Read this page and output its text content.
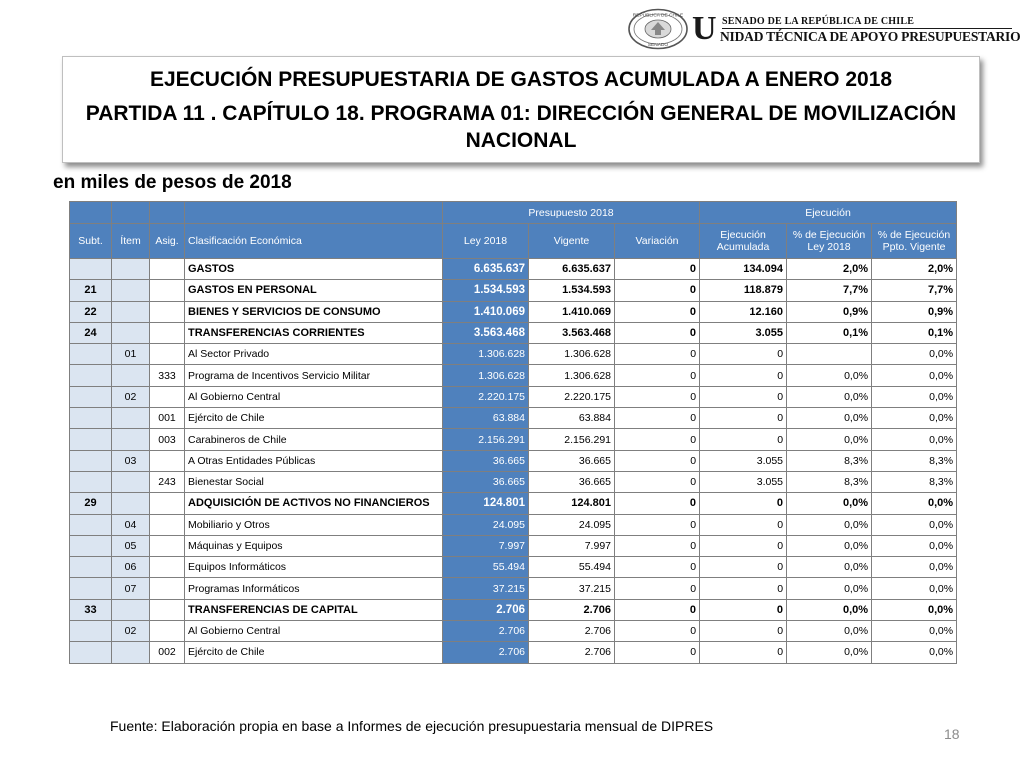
REPÚBLICA DE CHILE
SENADO U SENADO DE LA REPÚBLICA DE CHILE
NIDAD TÉCNICA DE APOYO PRESUPUESTARIO
EJECUCIÓN PRESUPUESTARIA DE GASTOS ACUMULADA A ENERO 2018
PARTIDA 11 . CAPÍTULO 18. PROGRAMA 01: DIRECCIÓN GENERAL DE MOVILIZACIÓN NACIONAL
en miles de pesos de 2018
				Presupuesto 2018			Ejecución		
Subt.	Ítem	Asig.	Clasificación Económica	Ley 2018	Vigente	Variación	Ejecución Acumulada	% de Ejecución Ley 2018	% de Ejecución Ppto. Vigente
			GASTOS	6.635.637	6.635.637	0	134.094	2,0%	2,0%
21			GASTOS EN PERSONAL	1.534.593	1.534.593	0	118.879	7,7%	7,7%
22			BIENES Y SERVICIOS DE CONSUMO	1.410.069	1.410.069	0	12.160	0,9%	0,9%
24			TRANSFERENCIAS CORRIENTES	3.563.468	3.563.468	0	3.055	0,1%	0,1%
	01		Al Sector Privado	1.306.628	1.306.628	0	0		0,0%
		333	Programa de Incentivos Servicio Militar	1.306.628	1.306.628	0	0	0,0%	0,0%
	02		Al Gobierno Central	2.220.175	2.220.175	0	0	0,0%	0,0%
		001	Ejército de Chile	63.884	63.884	0	0	0,0%	0,0%
		003	Carabineros de Chile	2.156.291	2.156.291	0	0	0,0%	0,0%
	03		A Otras Entidades Públicas	36.665	36.665	0	3.055	8,3%	8,3%
		243	Bienestar Social	36.665	36.665	0	3.055	8,3%	8,3%
29			ADQUISICIÓN DE ACTIVOS NO FINANCIEROS	124.801	124.801	0	0	0,0%	0,0%
	04		Mobiliario y Otros	24.095	24.095	0	0	0,0%	0,0%
	05		Máquinas y Equipos	7.997	7.997	0	0	0,0%	0,0%
	06		Equipos Informáticos	55.494	55.494	0	0	0,0%	0,0%
	07		Programas Informáticos	37.215	37.215	0	0	0,0%	0,0%
33			TRANSFERENCIAS DE CAPITAL	2.706	2.706	0	0	0,0%	0,0%
	02		Al Gobierno Central	2.706	2.706	0	0	0,0%	0,0%
		002	Ejército de Chile	2.706	2.706	0	0	0,0%	0,0%
Fuente: Elaboración propia en base a Informes de ejecución presupuestaria mensual de DIPRES	18
